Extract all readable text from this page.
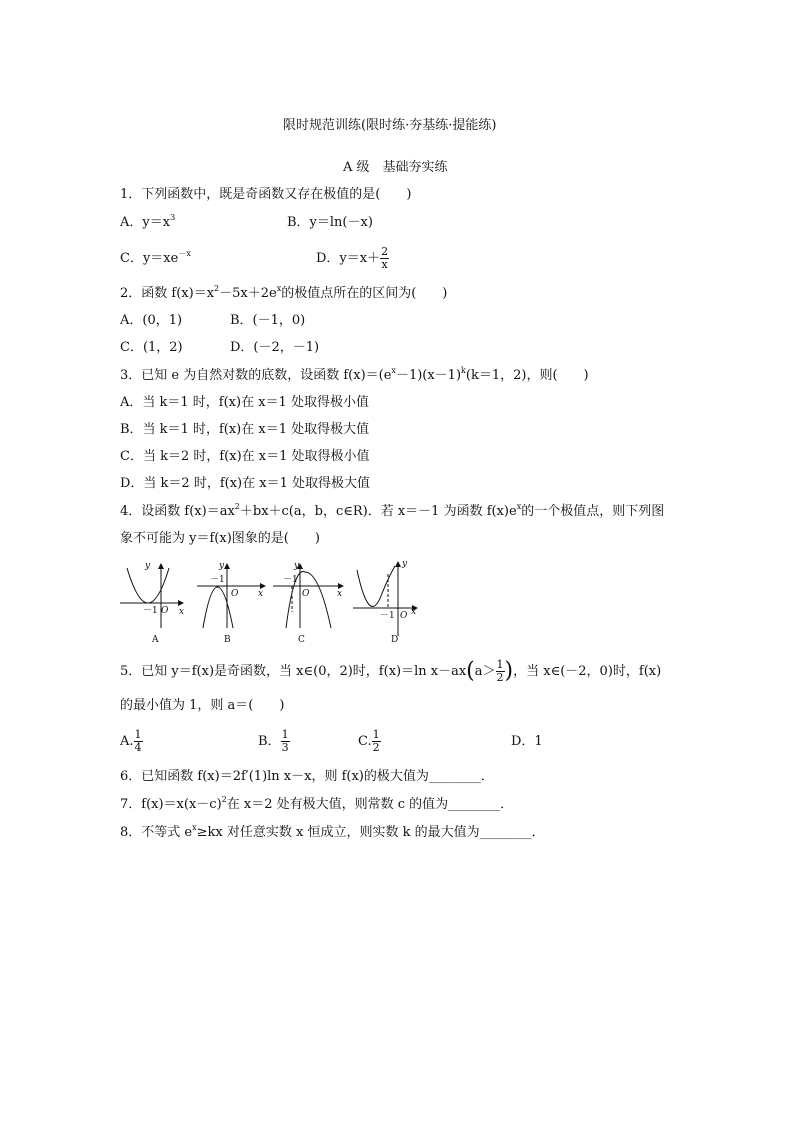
限时规范训练(限时练·夯基练·提能练)
A 级　基础夯实练
1．下列函数中，既是奇函数又存在极值的是(　　)
A．$y=x^3$	B．y＝ln(－x)
C．$y=xe^{-x}$	D．$y=x+ \frac{2}{x}$
2．函数 $f(x)=x^2-5x+2e^x$的极值点所在的区间为(　　)
A．(0，1)	B．(－1，0)
C．(1，2)	D．(－2，－1)
3．已知 e 为自然对数的底数，设函数 $f(x)=(e^x-1)(x-1)^k(k=1$，2)，则(　　)
A．当 k＝1 时，f(x)在 x＝1 处取得极小值
B．当 k＝1 时，f(x)在 x＝1 处取得极大值
C．当 k＝2 时，f(x)在 x＝1 处取得极小值
D．当 k＝2 时，f(x)在 x＝1 处取得极大值
4．设函数 $f(x)=ax^2+bx+c(a$，b，c∈R)．若 x＝－1 为函数 $f(x)e^x$的一个极值点，则下列图
象不可能为 y＝f(x)图象的是(　　)
y
x
O
－1
y
x
O
－1
y
x
O
－1
y
x
O
－1
A	B	C	D
5．已知 y＝f(x)是奇函数，当 x∈(0，2)时，f(x)＝ln $x-ax(a> \frac{1}{2}$ )，当 x∈(－2，0)时，f(x)
的最小值为 1，则 a＝(　　)
A. $\frac{1}{4}$	B． $\frac{1}{3}$	C. $\frac{1}{2}$	D．1
6．已知函数 f(x)＝2f′(1)ln x－x，则 f(x)的极大值为________．
7．$f(x)=x(x-c)^2$在 x＝2 处有极大值，则常数 c 的值为________．
8．不等式 $e^x\ge kx$ 对任意实数 x 恒成立，则实数 k 的最大值为________．
